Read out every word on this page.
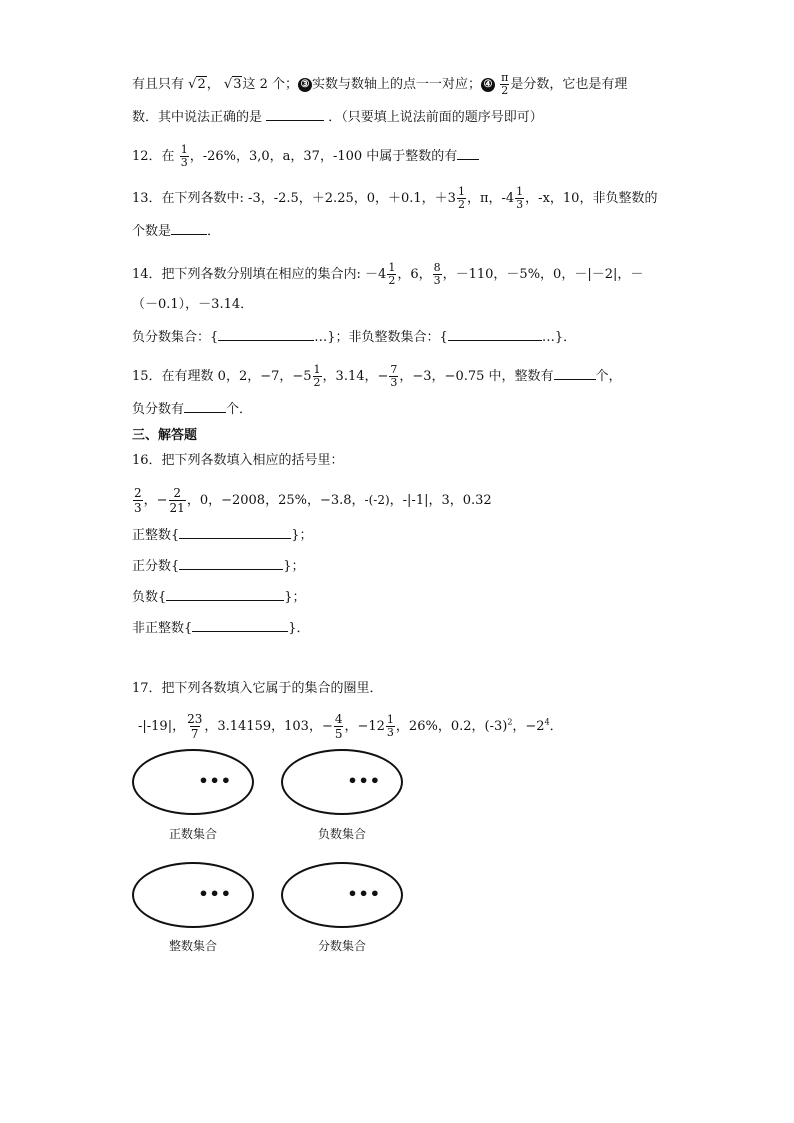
有且只有 √2， √3这 2 个； ③ 实数与数轴上的点一一对应； ④ $\frac{\pi}{2}$ 是分数，它也是有理
数．其中说法正确的是	．（只要填上说法前面的题序号即可）
12．在 $\frac{1}{3}$ ，-26%，3,0，a，37，-100 中属于整数的有
13．在下列各数中: -3，-2.5，＋2.25，0，＋0.1，$+3 \frac{1}{2}$ ，π，$-4 \frac{1}{3}$ ，-x，10，非负整数的
个数是	．
14．把下列各数分别填在相应的集合内: $-4 \frac{1}{2}$ ，6， $\frac{8}{3}$ ，－110，－5%，0，－|－2|，－
（－0.1），－3.14．
负分数集合：{	…}；非负整数集合：{	…}．
15．在有理数 0，2，−7，$-5 \frac{1}{2}$ ，3.14，− $\frac{7}{3}$ ，−3，−0.75 中，整数有	个，
负分数有	个．
三、解答题
16．把下列各数填入相应的括号里：
$\frac{2}{3}$ ，− $\frac{2}{21}$ ，0，−2008，25%，−3.8，-(-2)，-|-1|，3，0.32
正整数{	}；
正分数{	}；
负数{	}；
非正整数{	}．
17．把下列各数填入它属于的集合的圈里．
-|-19|， $\frac{23}{7}$ ，3.14159，103，− $\frac{4}{5}$ ，$-12 \frac{1}{3}$ ，26%，0.2，$(-3)^2$，$-2^4$．
•••
正数集合
•••
负数集合
•••
整数集合
•••
分数集合
